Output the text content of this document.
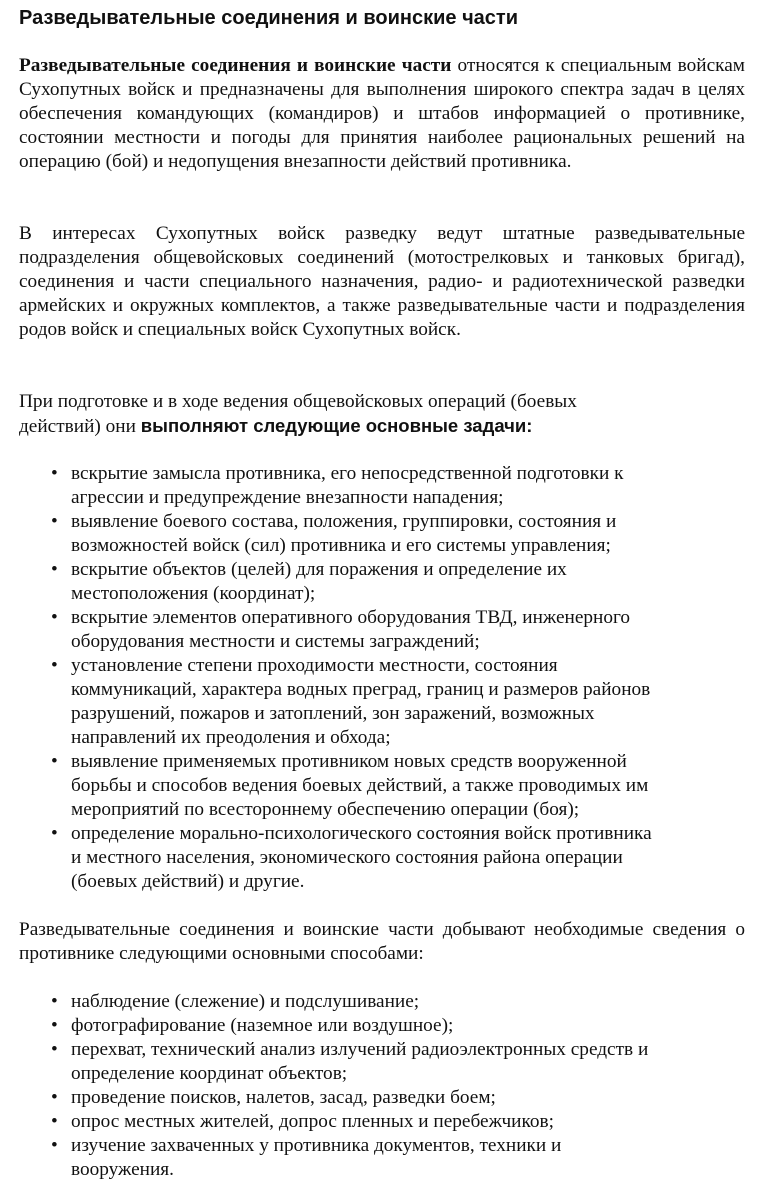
Разведывательные соединения и воинские части

Разведывательные соединения и воинские части относятся к специальным войскам Сухопутных войск и предназначены для выполнения широкого спектра задач в целях обеспечения командующих (командиров) и штабов информацией о противнике, состоянии местности и погоды для принятия наиболее рациональных решений на операцию (бой) и недопущения внезапности действий противника.

В интересах Сухопутных войск разведку ведут штатные разведывательные подразделения общевойсковых соединений (мотострелковых и танковых бригад), соединения и части специального назначения, радио- и радиотехнической разведки армейских и окружных комплектов, а также разведывательные части и подразделения родов войск и специальных войск Сухопутных войск.

При подготовке и в ходе ведения общевойсковых операций (боевых
действий) они выполняют следующие основные задачи:
• вскрытие замысла противника, его непосредственной подготовки к
агрессии и предупреждение внезапности нападения;
• выявление боевого состава, положения, группировки, состояния и
возможностей войск (сил) противника и его системы управления;
• вскрытие объектов (целей) для поражения и определение их
местоположения (координат);
• вскрытие элементов оперативного оборудования ТВД, инженерного
оборудования местности и системы заграждений;
• установление степени проходимости местности, состояния
коммуникаций, характера водных преград, границ и размеров районов
разрушений, пожаров и затоплений, зон заражений, возможных
направлений их преодоления и обхода;
• выявление применяемых противником новых средств вооруженной
борьбы и способов ведения боевых действий, а также проводимых им
мероприятий по всестороннему обеспечению операции (боя);
• определение морально-психологического состояния войск противника
и местного населения, экономического состояния района операции
(боевых действий) и другие.

Разведывательные соединения и воинские части добывают необходимые сведения о противнике следующими основными способами:

• наблюдение (слежение) и подслушивание;
• фотографирование (наземное или воздушное);
• перехват, технический анализ излучений радиоэлектронных средств и
определение координат объектов;
• проведение поисков, налетов, засад, разведки боем;
• опрос местных жителей, допрос пленных и перебежчиков;
• изучение захваченных у противника документов, техники и
вооружения.
